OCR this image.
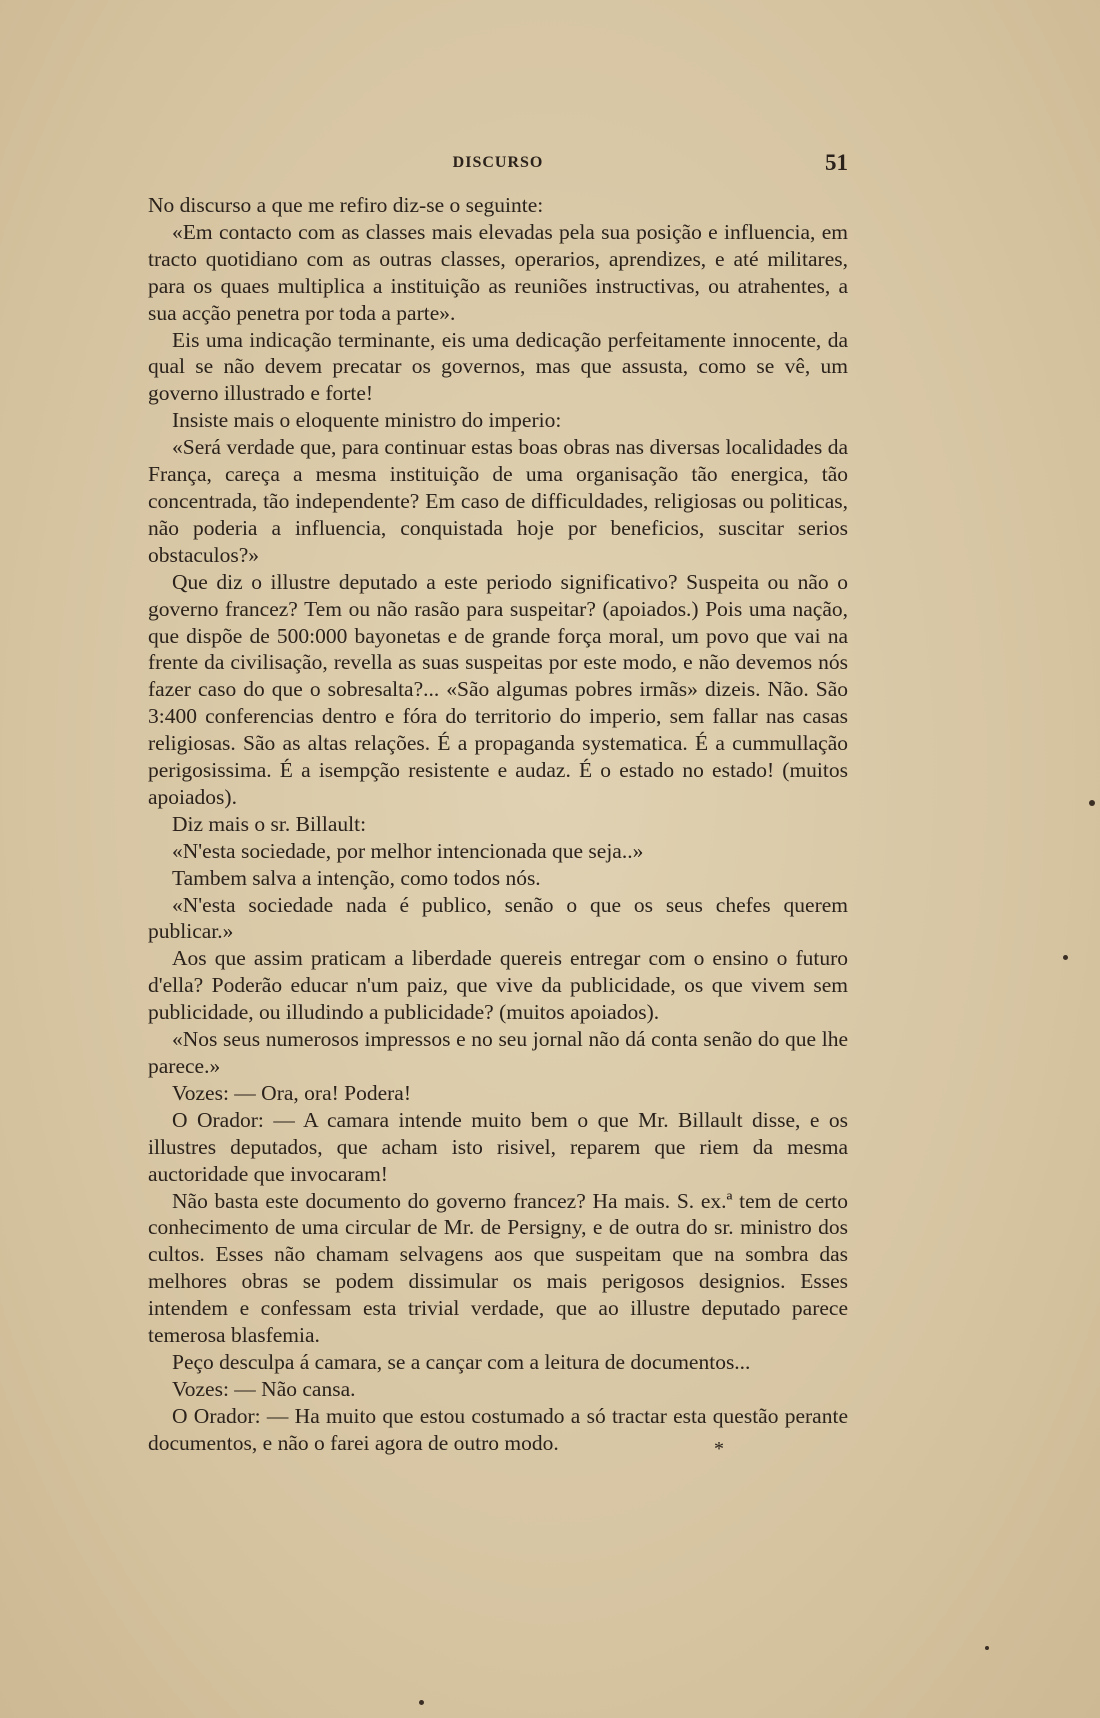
DISCURSO	51

No discurso a que me refiro diz-se o seguinte:

«Em contacto com as classes mais elevadas pela sua posição e influencia, em tracto quotidiano com as outras classes, operarios, aprendizes, e até militares, para os quaes multiplica a instituição as reuniões instructivas, ou atrahentes, a sua acção penetra por toda a parte».

Eis uma indicação terminante, eis uma dedicação perfeitamente innocente, da qual se não devem precatar os governos, mas que assusta, como se vê, um governo illustrado e forte!

Insiste mais o eloquente ministro do imperio:

«Será verdade que, para continuar estas boas obras nas diversas localidades da França, careça a mesma instituição de uma organisação tão energica, tão concentrada, tão independente? Em caso de difficuldades, religiosas ou politicas, não poderia a influencia, conquistada hoje por beneficios, suscitar serios obstaculos?»

Que diz o illustre deputado a este periodo significativo? Suspeita ou não o governo francez? Tem ou não rasão para suspeitar? (apoiados.) Pois uma nação, que dispõe de 500:000 bayonetas e de grande força moral, um povo que vai na frente da civilisação, revella as suas suspeitas por este modo, e não devemos nós fazer caso do que o sobresalta?... «São algumas pobres irmãs» dizeis. Não. São 3:400 conferencias dentro e fóra do territorio do imperio, sem fallar nas casas religiosas. São as altas relações. É a propaganda systematica. É a cummullação perigosissima. É a isempção resistente e audaz. É o estado no estado! (muitos apoiados).

Diz mais o sr. Billault:

«N'esta sociedade, por melhor intencionada que seja..»

Tambem salva a intenção, como todos nós.

«N'esta sociedade nada é publico, senão o que os seus chefes querem publicar.»

Aos que assim praticam a liberdade quereis entregar com o ensino o futuro d'ella? Poderão educar n'um paiz, que vive da publicidade, os que vivem sem publicidade, ou illudindo a publicidade? (muitos apoiados).

«Nos seus numerosos impressos e no seu jornal não dá conta senão do que lhe parece.»

Vozes: — Ora, ora! Podera!

O Orador: — A camara intende muito bem o que Mr. Billault disse, e os illustres deputados, que acham isto risivel, reparem que riem da mesma auctoridade que invocaram!

Não basta este documento do governo francez? Ha mais. S. ex.ª tem de certo conhecimento de uma circular de Mr. de Persigny, e de outra do sr. ministro dos cultos. Esses não chamam selvagens aos que suspeitam que na sombra das melhores obras se podem dissimular os mais perigosos designios. Esses intendem e confessam esta trivial verdade, que ao illustre deputado parece temerosa blasfemia.

Peço desculpa á camara, se a cançar com a leitura de documentos...

Vozes: — Não cansa.

O Orador: — Ha muito que estou costumado a só tractar esta questão perante documentos, e não o farei agora de outro modo.	*
